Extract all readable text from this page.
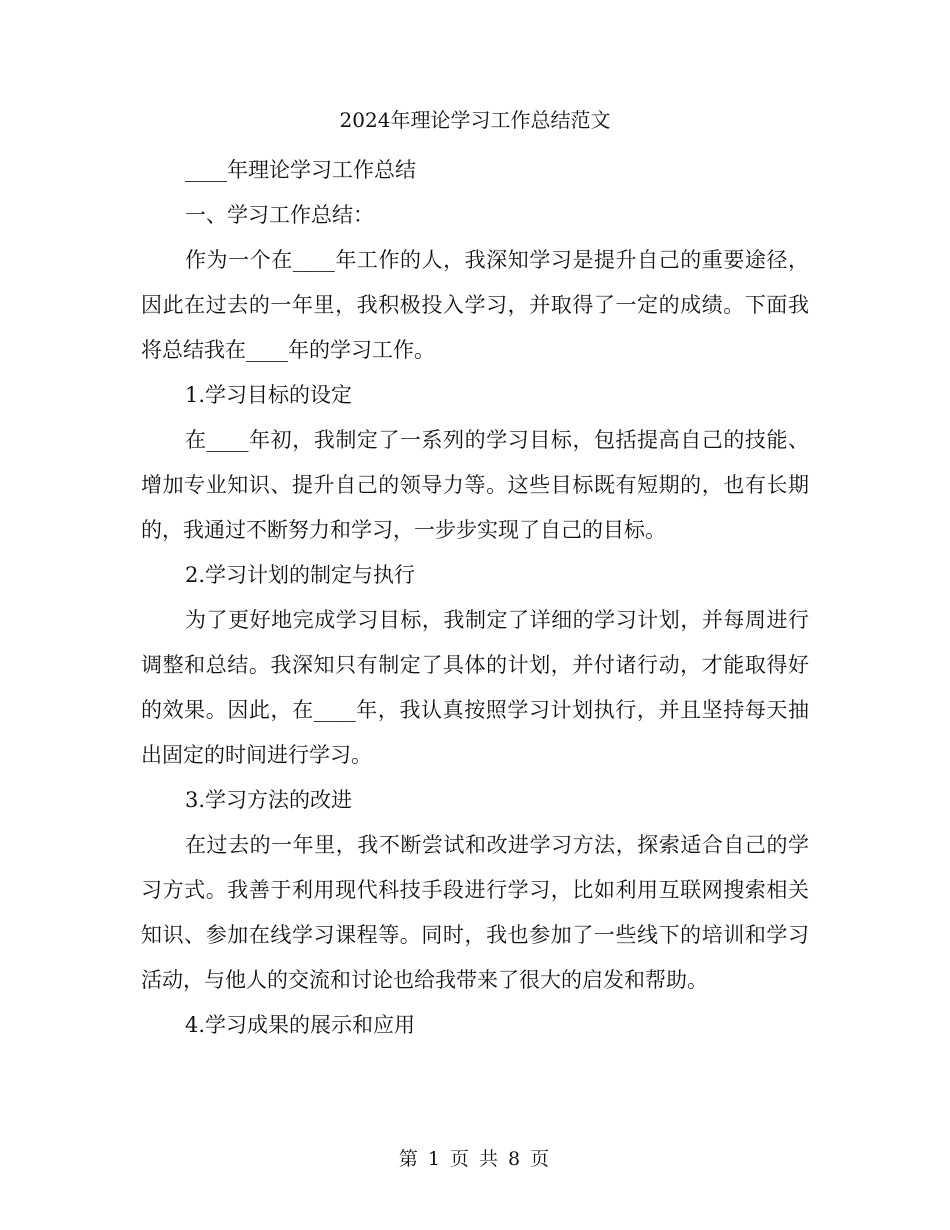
2024年理论学习工作总结范文

____年理论学习工作总结

一、学习工作总结：

作为一个在____年工作的人，我深知学习是提升自己的重要途径，因此在过去的一年里，我积极投入学习，并取得了一定的成绩。下面我将总结我在____年的学习工作。

1.学习目标的设定

在____年初，我制定了一系列的学习目标，包括提高自己的技能、增加专业知识、提升自己的领导力等。这些目标既有短期的，也有长期的，我通过不断努力和学习，一步步实现了自己的目标。

2.学习计划的制定与执行

为了更好地完成学习目标，我制定了详细的学习计划，并每周进行调整和总结。我深知只有制定了具体的计划，并付诸行动，才能取得好的效果。因此，在____年，我认真按照学习计划执行，并且坚持每天抽出固定的时间进行学习。

3.学习方法的改进

在过去的一年里，我不断尝试和改进学习方法，探索适合自己的学习方式。我善于利用现代科技手段进行学习，比如利用互联网搜索相关知识、参加在线学习课程等。同时，我也参加了一些线下的培训和学习活动，与他人的交流和讨论也给我带来了很大的启发和帮助。

4.学习成果的展示和应用

第 1 页 共 8 页
